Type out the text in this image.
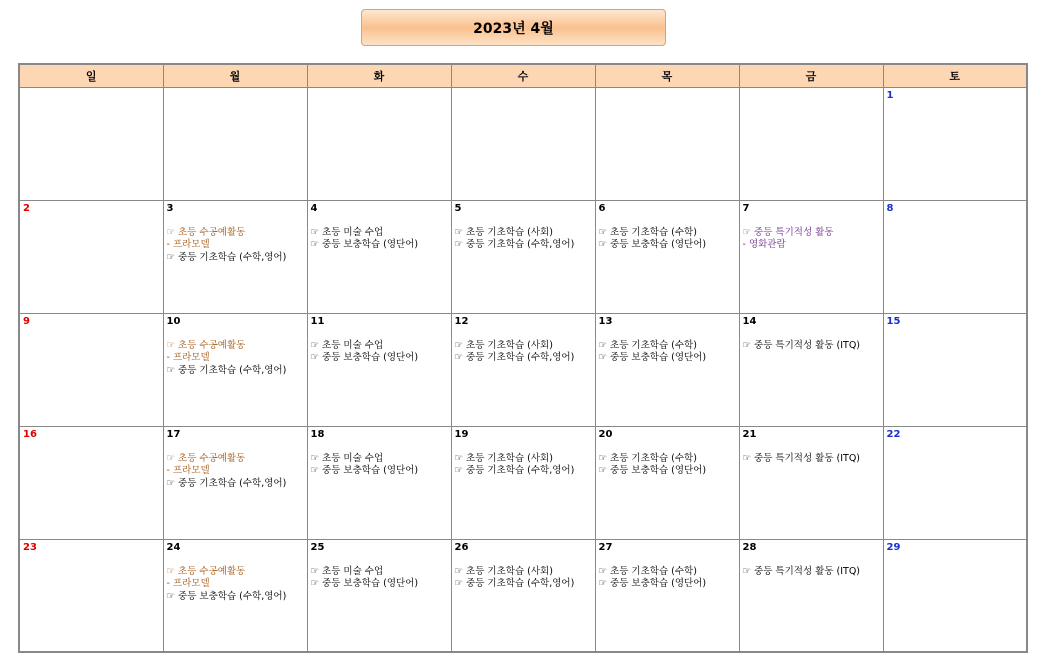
2023년 4월
일	월	화	수	목	금	토

						1

2	3
☞ 초등 수공예활동
- 프라모델
☞ 중등 기초학습 (수학,영어)	4
☞ 초등 미술 수업
☞ 중등 보충학습 (영단어)	5
☞ 초등 기초학습 (사회)
☞ 중등 기초학습 (수학,영어)	6
☞ 초등 기초학습 (수학)
☞ 중등 보충학습 (영단어)	7
☞ 중등 특기적성 활동
- 영화관람	8

9	10
☞ 초등 수공예활동
- 프라모델
☞ 중등 기초학습 (수학,영어)	11
☞ 초등 미술 수업
☞ 중등 보충학습 (영단어)	12
☞ 초등 기초학습 (사회)
☞ 중등 기초학습 (수학,영어)	13
☞ 초등 기초학습 (수학)
☞ 중등 보충학습 (영단어)	14
☞ 중등 특기적성 활동 (ITQ)	15

16	17
☞ 초등 수공예활동
- 프라모델
☞ 중등 기초학습 (수학,영어)	18
☞ 초등 미술 수업
☞ 중등 보충학습 (영단어)	19
☞ 초등 기초학습 (사회)
☞ 중등 기초학습 (수학,영어)	20
☞ 초등 기초학습 (수학)
☞ 중등 보충학습 (영단어)	21
☞ 중등 특기적성 활동 (ITQ)	22

23	24
☞ 초등 수공예활동
- 프라모델
☞ 중등 보충학습 (수학,영어)	25
☞ 초등 미술 수업
☞ 중등 보충학습 (영단어)	26
☞ 초등 기초학습 (사회)
☞ 중등 기초학습 (수학,영어)	27
☞ 초등 기초학습 (수학)
☞ 중등 보충학습 (영단어)	28
☞ 중등 특기적성 활동 (ITQ)	29
